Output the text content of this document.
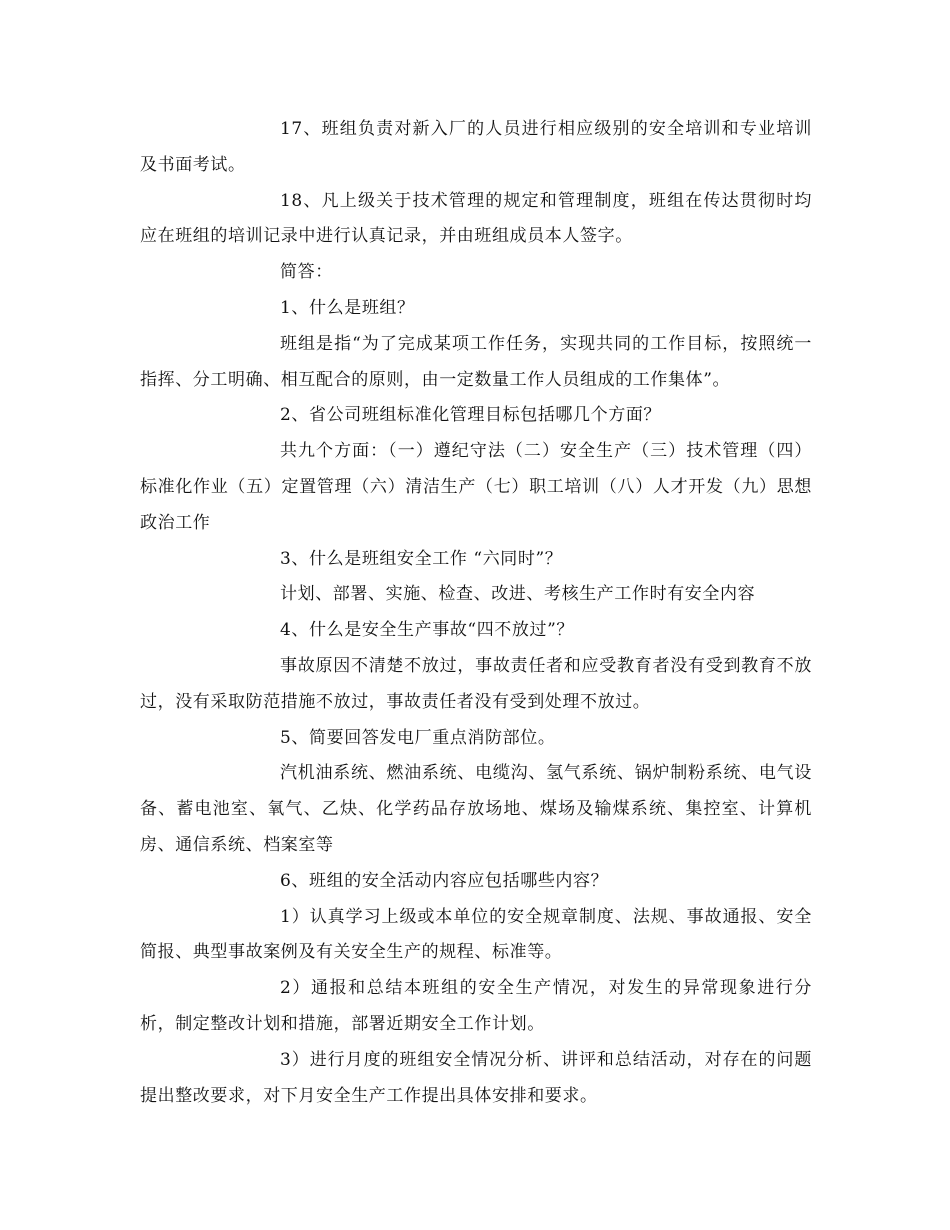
17、班组负责对新入厂的人员进行相应级别的安全培训和专业培训及书面考试。

18、凡上级关于技术管理的规定和管理制度，班组在传达贯彻时均应在班组的培训记录中进行认真记录，并由班组成员本人签字。

简答：

1、什么是班组？

班组是指“为了完成某项工作任务，实现共同的工作目标，按照统一指挥、分工明确、相互配合的原则，由一定数量工作人员组成的工作集体”。

2、省公司班组标准化管理目标包括哪几个方面？

共九个方面：（一）遵纪守法（二）安全生产（三）技术管理（四）标准化作业（五）定置管理（六）清洁生产（七）职工培训（八）人才开发（九）思想政治工作

3、什么是班组安全工作 “六同时”？

计划、部署、实施、检查、改进、考核生产工作时有安全内容

4、什么是安全生产事故“四不放过”？

事故原因不清楚不放过，事故责任者和应受教育者没有受到教育不放过，没有采取防范措施不放过，事故责任者没有受到处理不放过。

5、简要回答发电厂重点消防部位。

汽机油系统、燃油系统、电缆沟、氢气系统、锅炉制粉系统、电气设备、蓄电池室、氧气、乙炔、化学药品存放场地、煤场及输煤系统、集控室、计算机房、通信系统、档案室等

6、班组的安全活动内容应包括哪些内容？

1）认真学习上级或本单位的安全规章制度、法规、事故通报、安全简报、典型事故案例及有关安全生产的规程、标准等。

2）通报和总结本班组的安全生产情况，对发生的异常现象进行分析，制定整改计划和措施，部署近期安全工作计划。

3）进行月度的班组安全情况分析、讲评和总结活动，对存在的问题提出整改要求，对下月安全生产工作提出具体安排和要求。
